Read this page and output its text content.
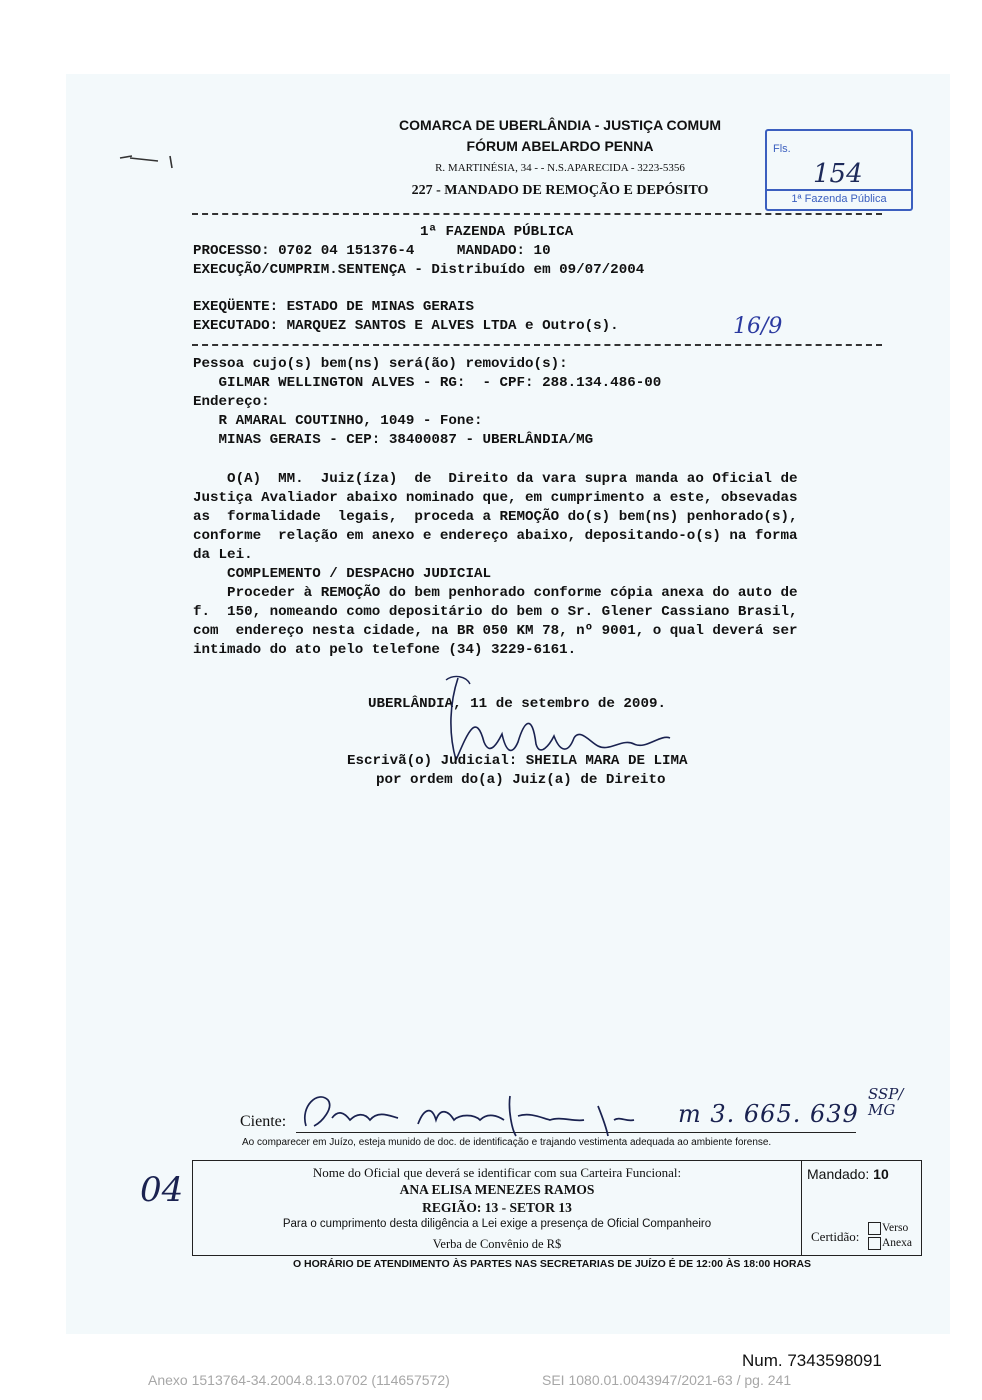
COMARCA DE UBERLÂNDIA - JUSTIÇA COMUM
FÓRUM ABELARDO PENNA
R. MARTINÉSIA, 34 - - N.S.APARECIDA - 3223-5356
227 - MANDADO DE REMOÇÃO E DEPÓSITO
Fls.
154
1ª Fazenda Pública
1ª FAZENDA PÚBLICA
PROCESSO: 0702 04 151376-4     MANDADO: 10
EXECUÇÃO/CUMPRIM.SENTENÇA - Distribuído em 09/07/2004
EXEQÜENTE: ESTADO DE MINAS GERAIS
EXECUTADO: MARQUEZ SANTOS E ALVES LTDA e Outro(s).	16/9
Pessoa cujo(s) bem(ns) será(ão) removido(s):
GILMAR WELLINGTON ALVES - RG:  - CPF: 288.134.486-00
Endereço:
R AMARAL COUTINHO, 1049 - Fone:
MINAS GERAIS - CEP: 38400087 - UBERLÂNDIA/MG
O(A)  MM.  Juiz(íza)  de  Direito da vara supra manda ao Oficial de
Justiça Avaliador abaixo nominado que, em cumprimento a este, obsevadas
as  formalidade  legais,  proceda a REMOÇÃO do(s) bem(ns) penhorado(s),
conforme  relação em anexo e endereço abaixo, depositando-o(s) na forma
da Lei.
COMPLEMENTO / DESPACHO JUDICIAL
Proceder à REMOÇÃO do bem penhorado conforme cópia anexa do auto de
f.  150, nomeando como depositário do bem o Sr. Glener Cassiano Brasil,
com  endereço nesta cidade, na BR 050 KM 78, nº 9001, o qual deverá ser
intimado do ato pelo telefone (34) 3229-6161.
UBERLÂNDIA, 11 de setembro de 2009.
Escrivã(o) Judicial: SHEILA MARA DE LIMA
por ordem do(a) Juiz(a) de Direito
Ciente:	m 3. 665. 639
SSP/ MG
Ao comparecer em Juízo, esteja munido de doc. de identificação e trajando vestimenta adequada ao ambiente forense.
04	Nome do Oficial que deverá se identificar com sua Carteira Funcional:
ANA ELISA MENEZES RAMOS
REGIÃO: 13 - SETOR 13
Para o cumprimento desta diligência a Lei exige a presença de Oficial Companheiro
Verba de Convênio de R$
Mandado: 10
Certidão:
Verso
Anexa
O HORÁRIO DE ATENDIMENTO ÀS PARTES NAS SECRETARIAS DE JUÍZO É DE 12:00 ÀS 18:00 HORAS
Num. 7343598091
Anexo 1513764-34.2004.8.13.0702 (114657572)	SEI 1080.01.0043947/2021-63 / pg. 241
